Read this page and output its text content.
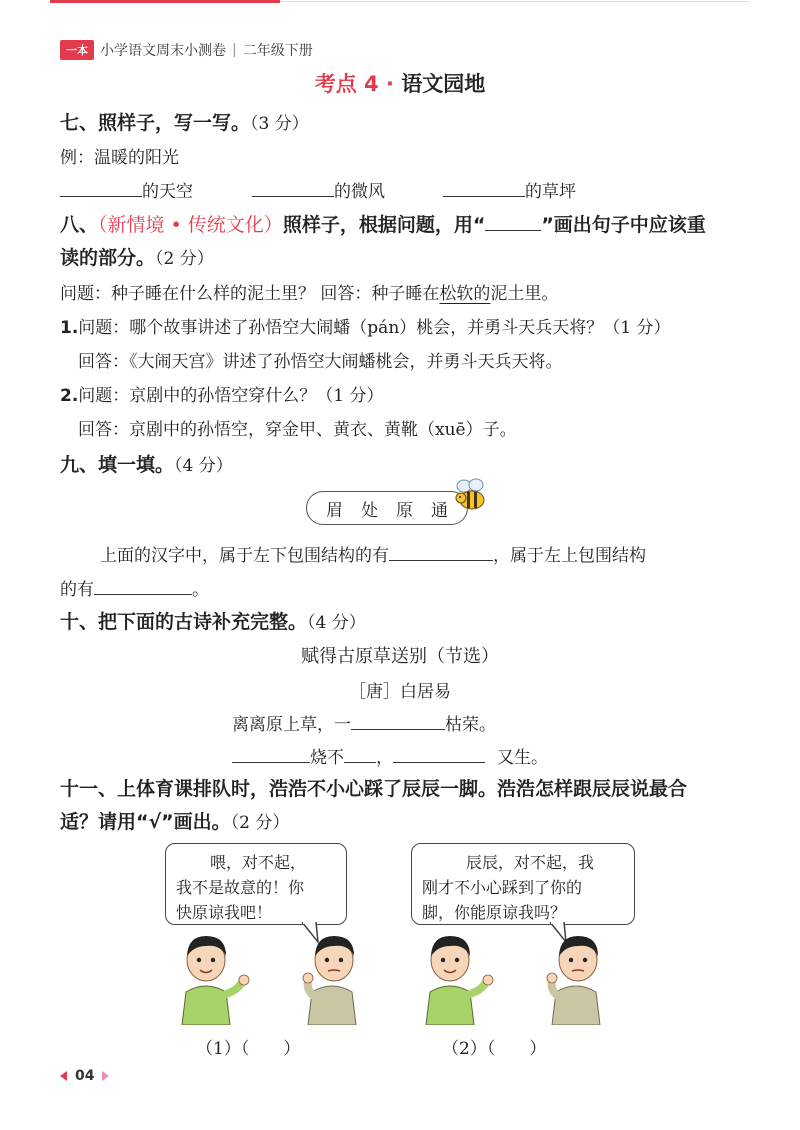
一本 小学语文周末小测卷 | 二年级下册
考点 4 · 语文园地
七、照样子，写一写。（3 分）
例：温暖的阳光
的天空	的微风	的草坪
八、（新情境 • 传统文化）照样子，根据问题，用“	”画出句子中应该重
读的部分。（2 分）
问题：种子睡在什么样的泥土里？ 回答：种子睡在松软的泥土里。
1.问题：哪个故事讲述了孙悟空大闹蟠（pán）桃会，并勇斗天兵天将？（1 分）
回答：《大闹天宫》讲述了孙悟空大闹蟠桃会，并勇斗天兵天将。
2.问题：京剧中的孙悟空穿什么？（1 分）
回答：京剧中的孙悟空，穿金甲、黄衣、黄靴（xuē）子。
九、填一填。（4 分）
眉 处 原 通
上面的汉字中，属于左下包围结构的有	，属于左上包围结构
的有	。
十、把下面的古诗补充完整。（4 分）
赋得古原草送别（节选）
［唐］白居易
离离原上草，一	枯荣。
烧不 ，	又生。
十一、上体育课排队时，浩浩不小心踩了辰辰一脚。浩浩怎样跟辰辰说最合
适？请用“√”画出。（2 分）
喂，对不起，
我不是故意的！你
快原谅我吧！
辰辰，对不起，我
刚才不小心踩到了你的
脚，你能原谅我吗？
（1）（　　）	（2）（　　）
04
